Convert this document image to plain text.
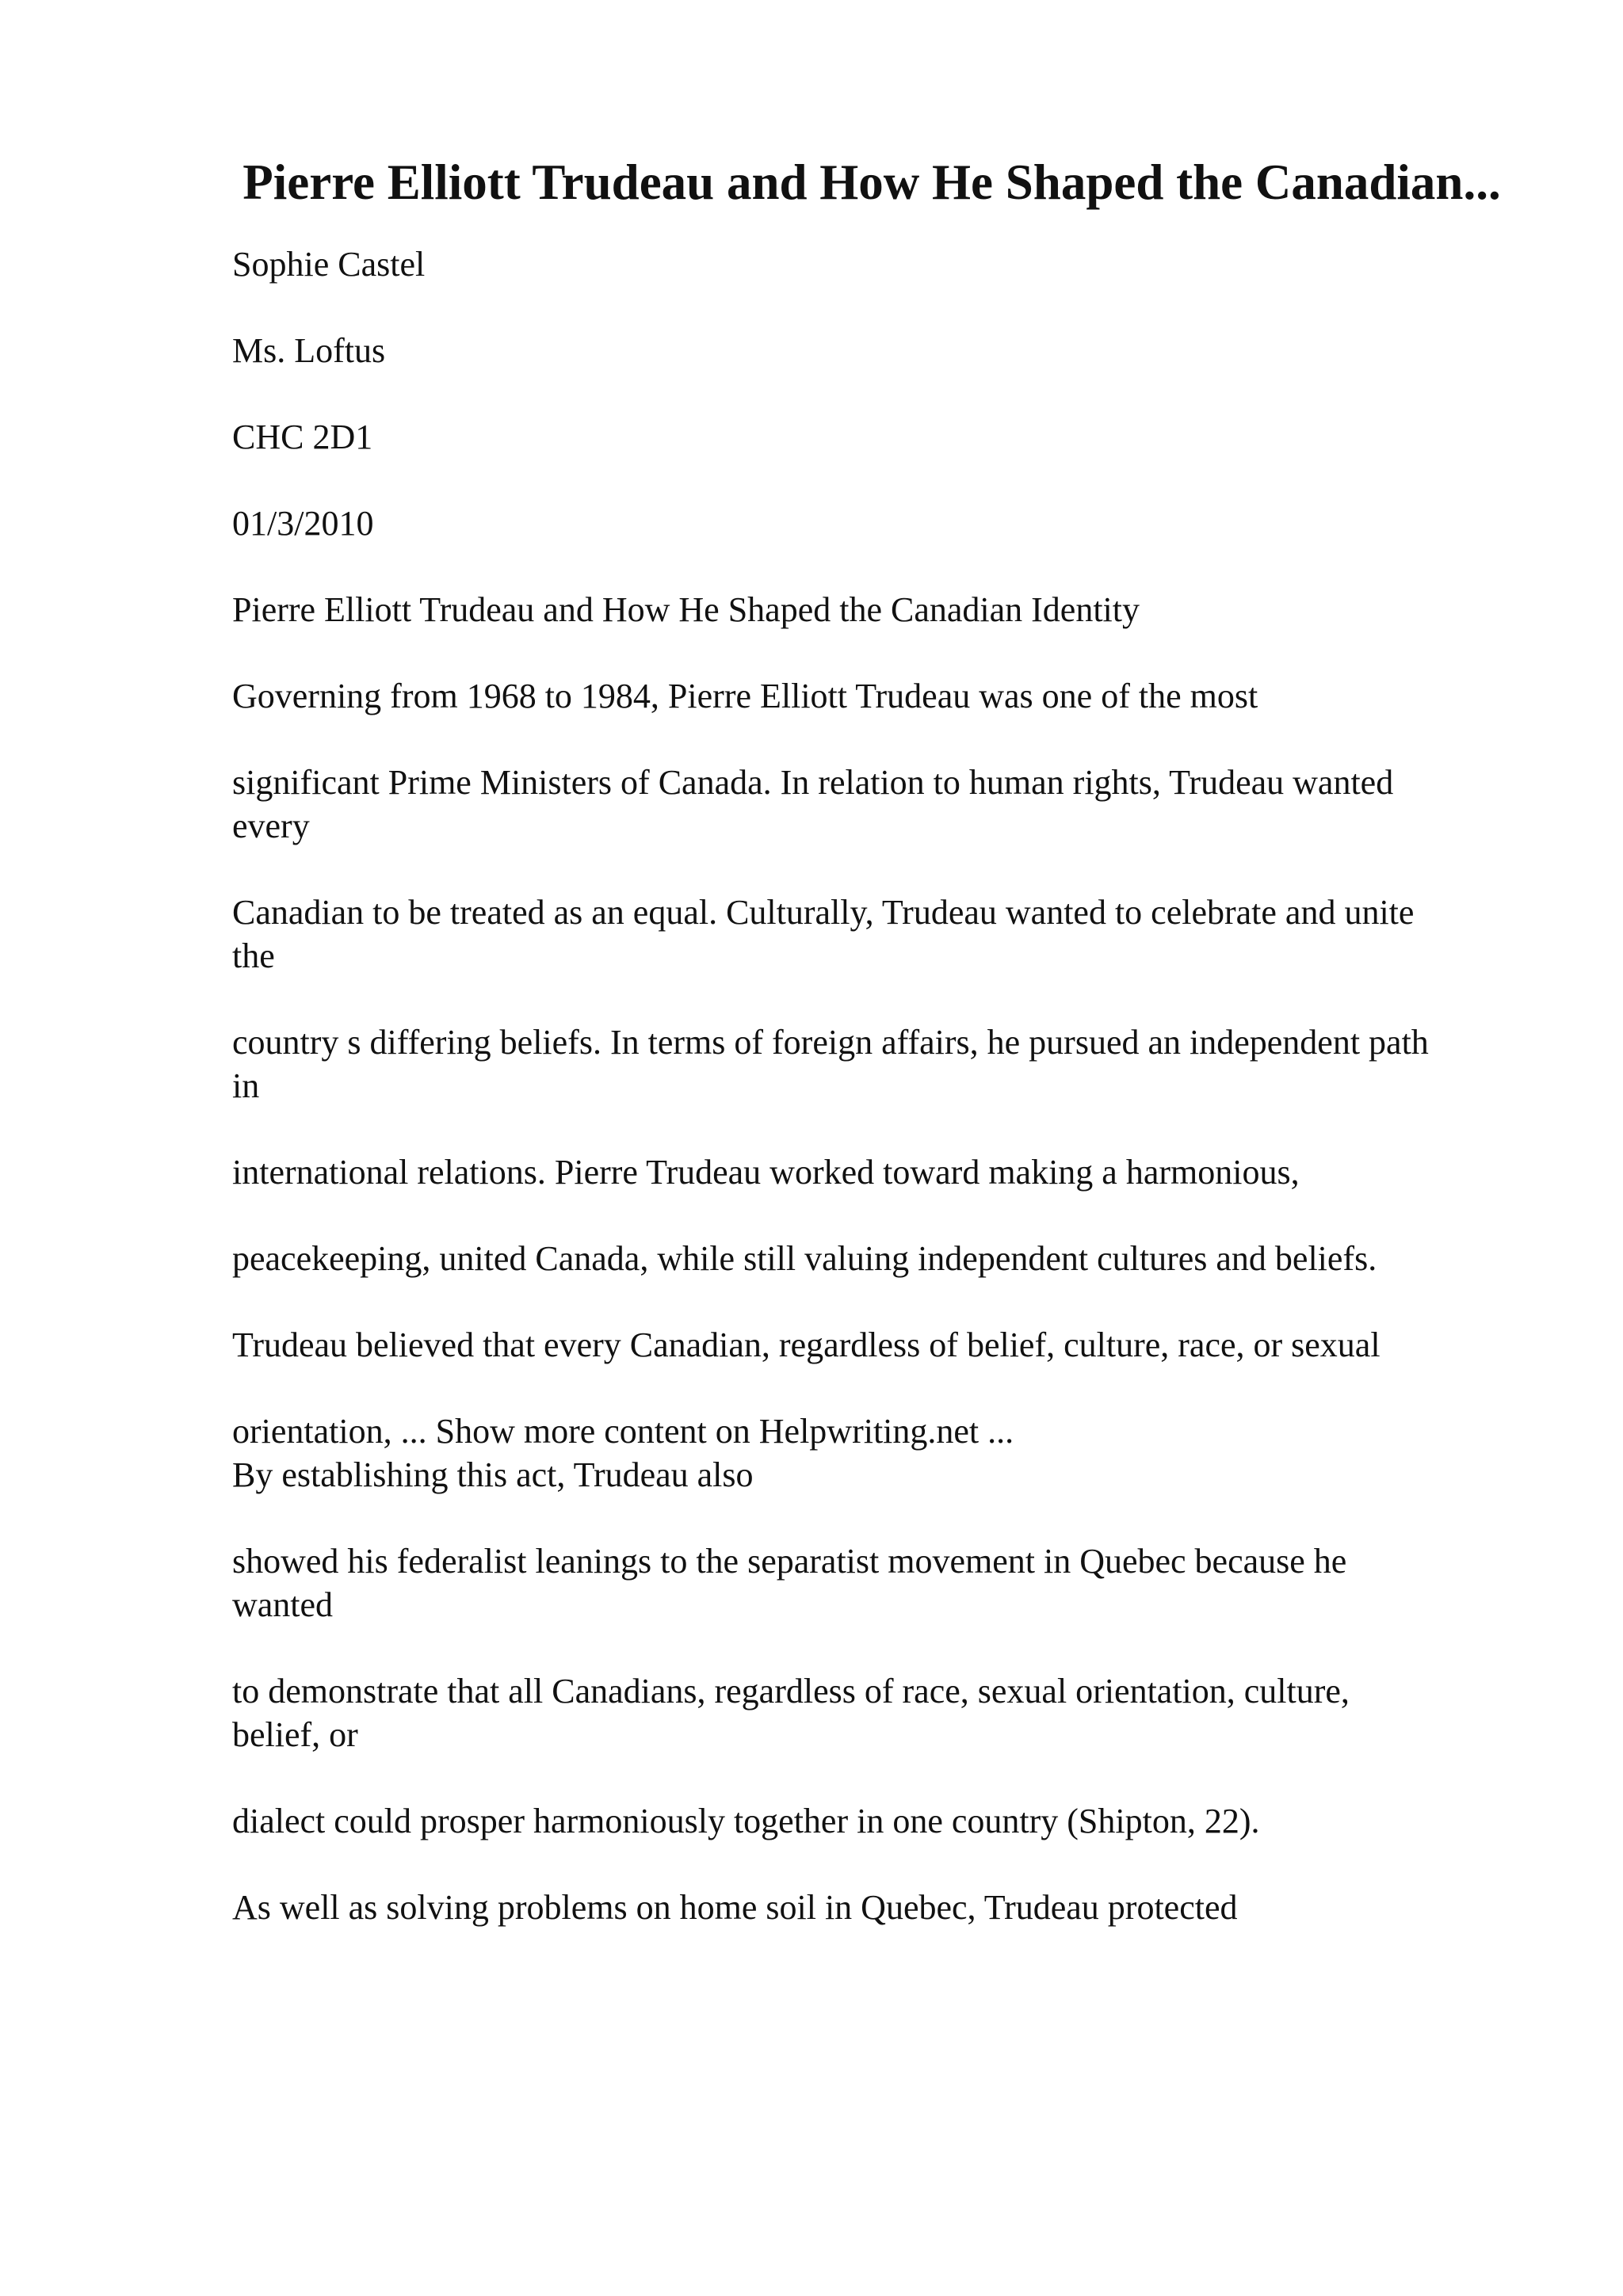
Pierre Elliott Trudeau and How He Shaped the Canadian...

Sophie Castel

Ms. Loftus

CHC 2D1

01/3/2010

Pierre Elliott Trudeau and How He Shaped the Canadian Identity

Governing from 1968 to 1984, Pierre Elliott Trudeau was one of the most

significant Prime Ministers of Canada. In relation to human rights, Trudeau wanted
every

Canadian to be treated as an equal. Culturally, Trudeau wanted to celebrate and unite
the

country s differing beliefs. In terms of foreign affairs, he pursued an independent path
in

international relations. Pierre Trudeau worked toward making a harmonious,

peacekeeping, united Canada, while still valuing independent cultures and beliefs.

Trudeau believed that every Canadian, regardless of belief, culture, race, or sexual

orientation, ... Show more content on Helpwriting.net ...
By establishing this act, Trudeau also

showed his federalist leanings to the separatist movement in Quebec because he
wanted

to demonstrate that all Canadians, regardless of race, sexual orientation, culture,
belief, or

dialect could prosper harmoniously together in one country (Shipton, 22).

As well as solving problems on home soil in Quebec, Trudeau protected
